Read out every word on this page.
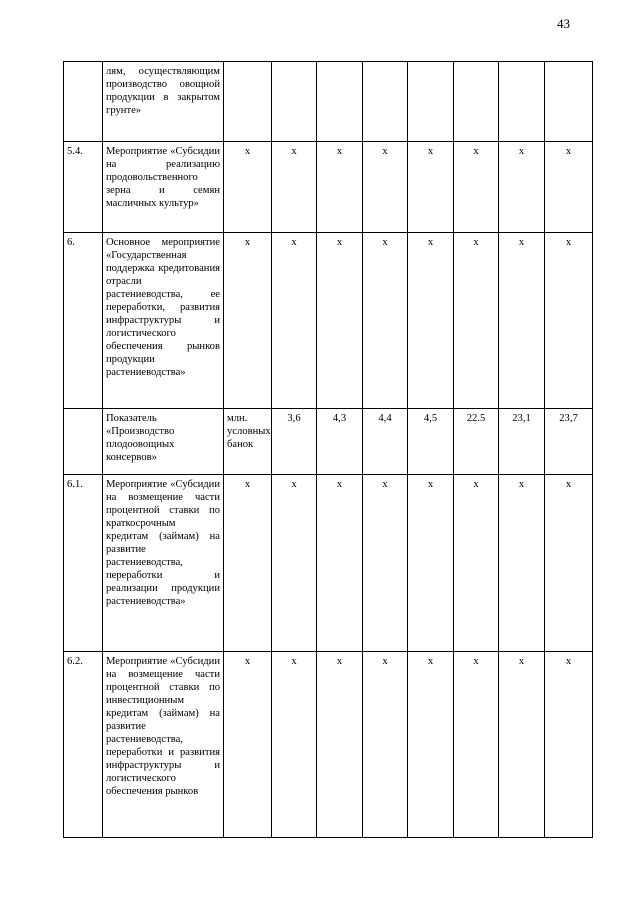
43
	лям, осуществляющим производство овощной продукции в закрытом грунте»								
5.4.	Мероприятие «Субсидии на реализацию продовольственного зерна и семян масличных культур»	x	x	x	x	x	x	x	x
6.	Основное мероприятие «Государственная поддержка кредитования отрасли растениеводства, ее переработки, развития инфраструктуры и логистического обеспечения рынков продукции растениеводства»	x	x	x	x	x	x	x	x
	Показатель «Производство плодоовощных консервов»	млн. условных банок	3,6	4,3	4,4	4,5	22.5	23,1	23,7
6.1.	Мероприятие «Субсидии на возмещение части процентной ставки по краткосрочным кредитам (займам) на развитие растениеводства, переработки и реализации продукции растениеводства»	x	x	x	x	x	x	x	x
6.2.	Мероприятие «Субсидии на возмещение части процентной ставки по инвестиционным кредитам (займам) на развитие растениеводства, переработки и развития инфраструктуры и логистического обеспечения рынков	x	x	x	x	x	x	x	x
